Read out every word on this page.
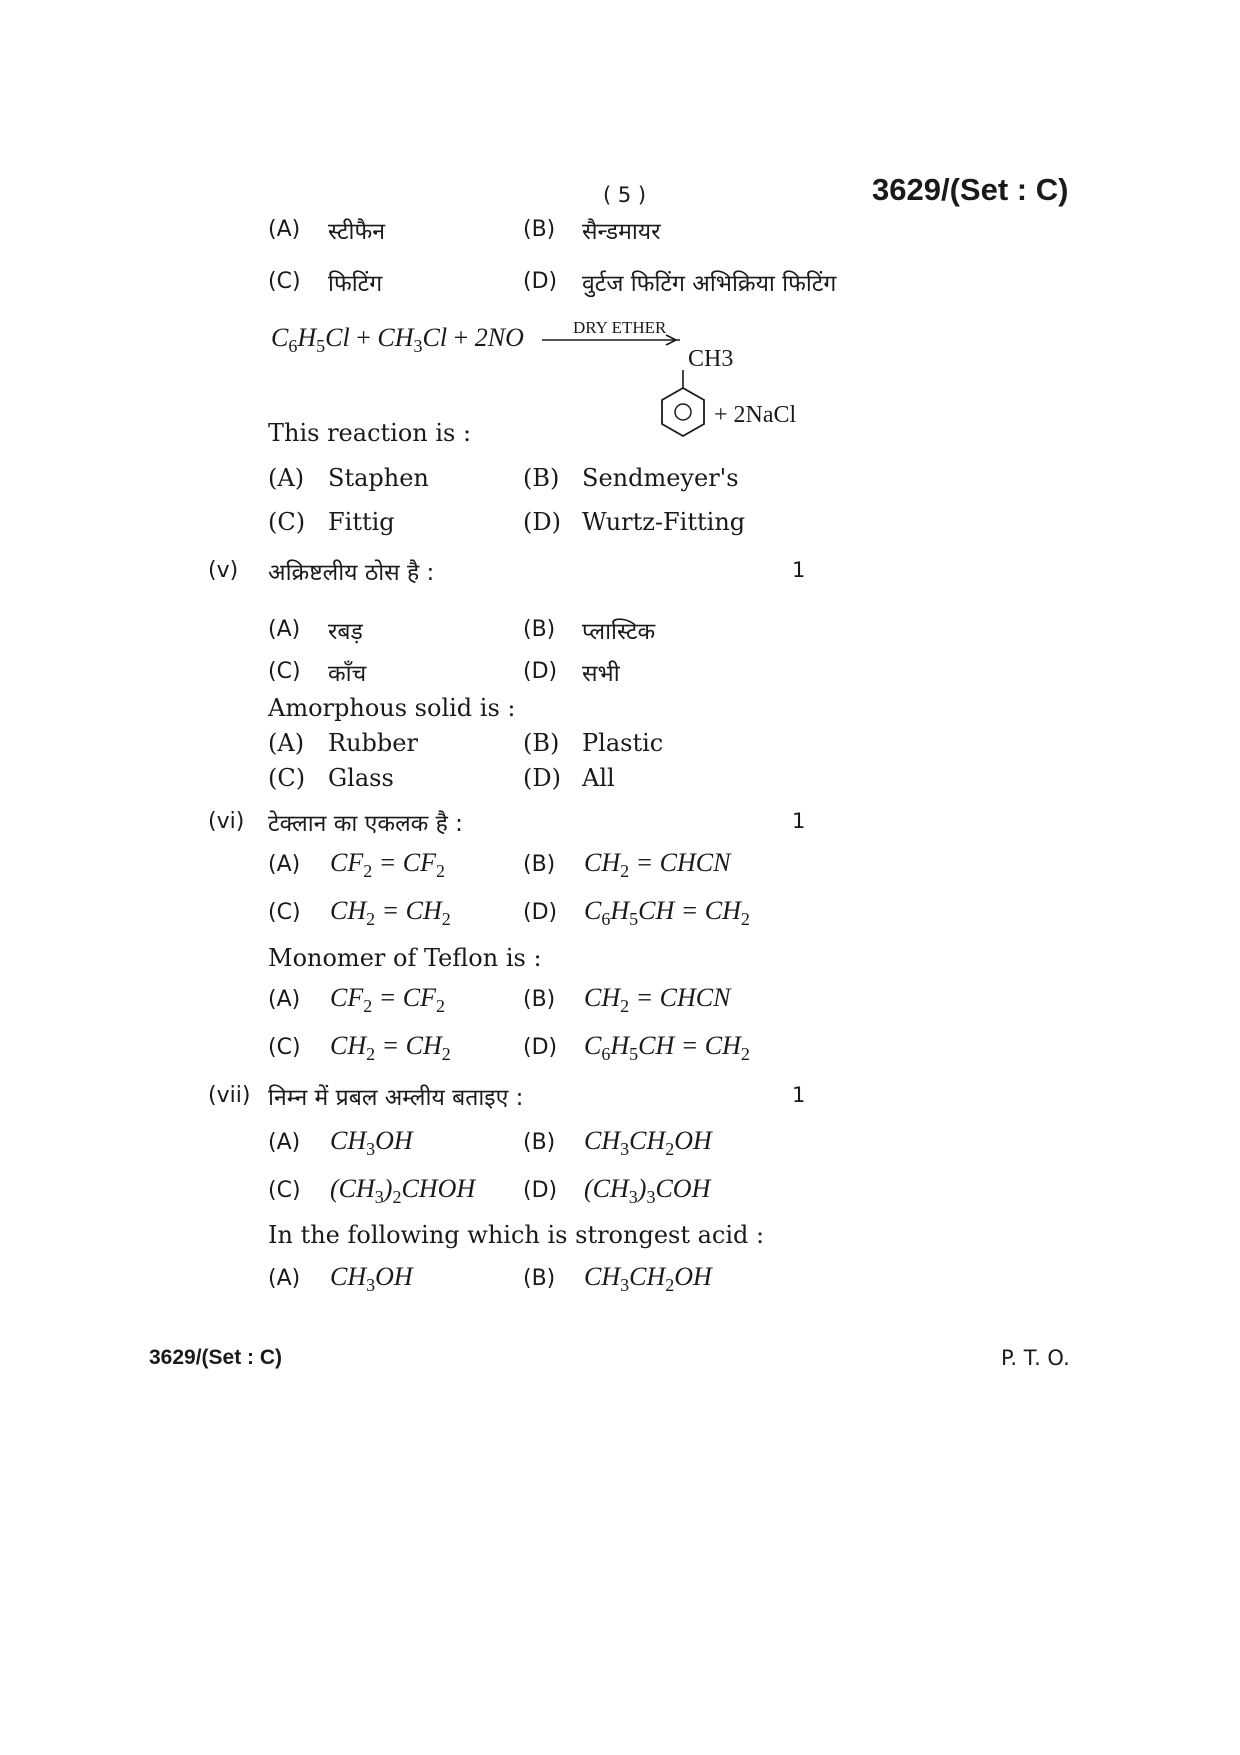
( 5 )	3629/(Set : C)
(A) स्टीफैन	(B) सैन्डमायर
(C) फिटिंग	(D) वुर्टज फिटिंग अभिक्रिया फिटिंग
$C_6H_5Cl + CH_3Cl + 2NO$	DRY ETHER
CH3
+ 2NaCl
This reaction is :
(A) Staphen	(B) Sendmeyer's
(C) Fittig	(D) Wurtz-Fitting
(v) अक्रिष्टलीय ठोस है :	1
(A) रबड़	(B) प्लास्टिक
(C) काँच	(D) सभी
Amorphous solid is :
(A) Rubber	(B) Plastic
(C) Glass	(D) All
(vi) टेक्लान का एकलक है :	1
(A) $CF_2 = CF_2$	(B) $CH_2$ = CHCN
(C) $CH_2 = CH_2$	(D) $C_6H_5CH = CH_2$
Monomer of Teflon is :
(A) $CF_2 = CF_2$	(B) $CH_2$ = CHCN
(C) $CH_2 = CH_2$	(D) $C_6H_5CH = CH_2$
(vii) निम्न में प्रबल अम्लीय बताइए :	1
(A) $CH_3OH$	(B) $CH_3CH_2OH$
(C) $(CH_3)_2CHOH$ (D) $(CH_3)_3COH$
In the following which is strongest acid :
(A) $CH_3OH$	(B) $CH_3CH_2OH$
3629/(Set : C)	P. T. O.
